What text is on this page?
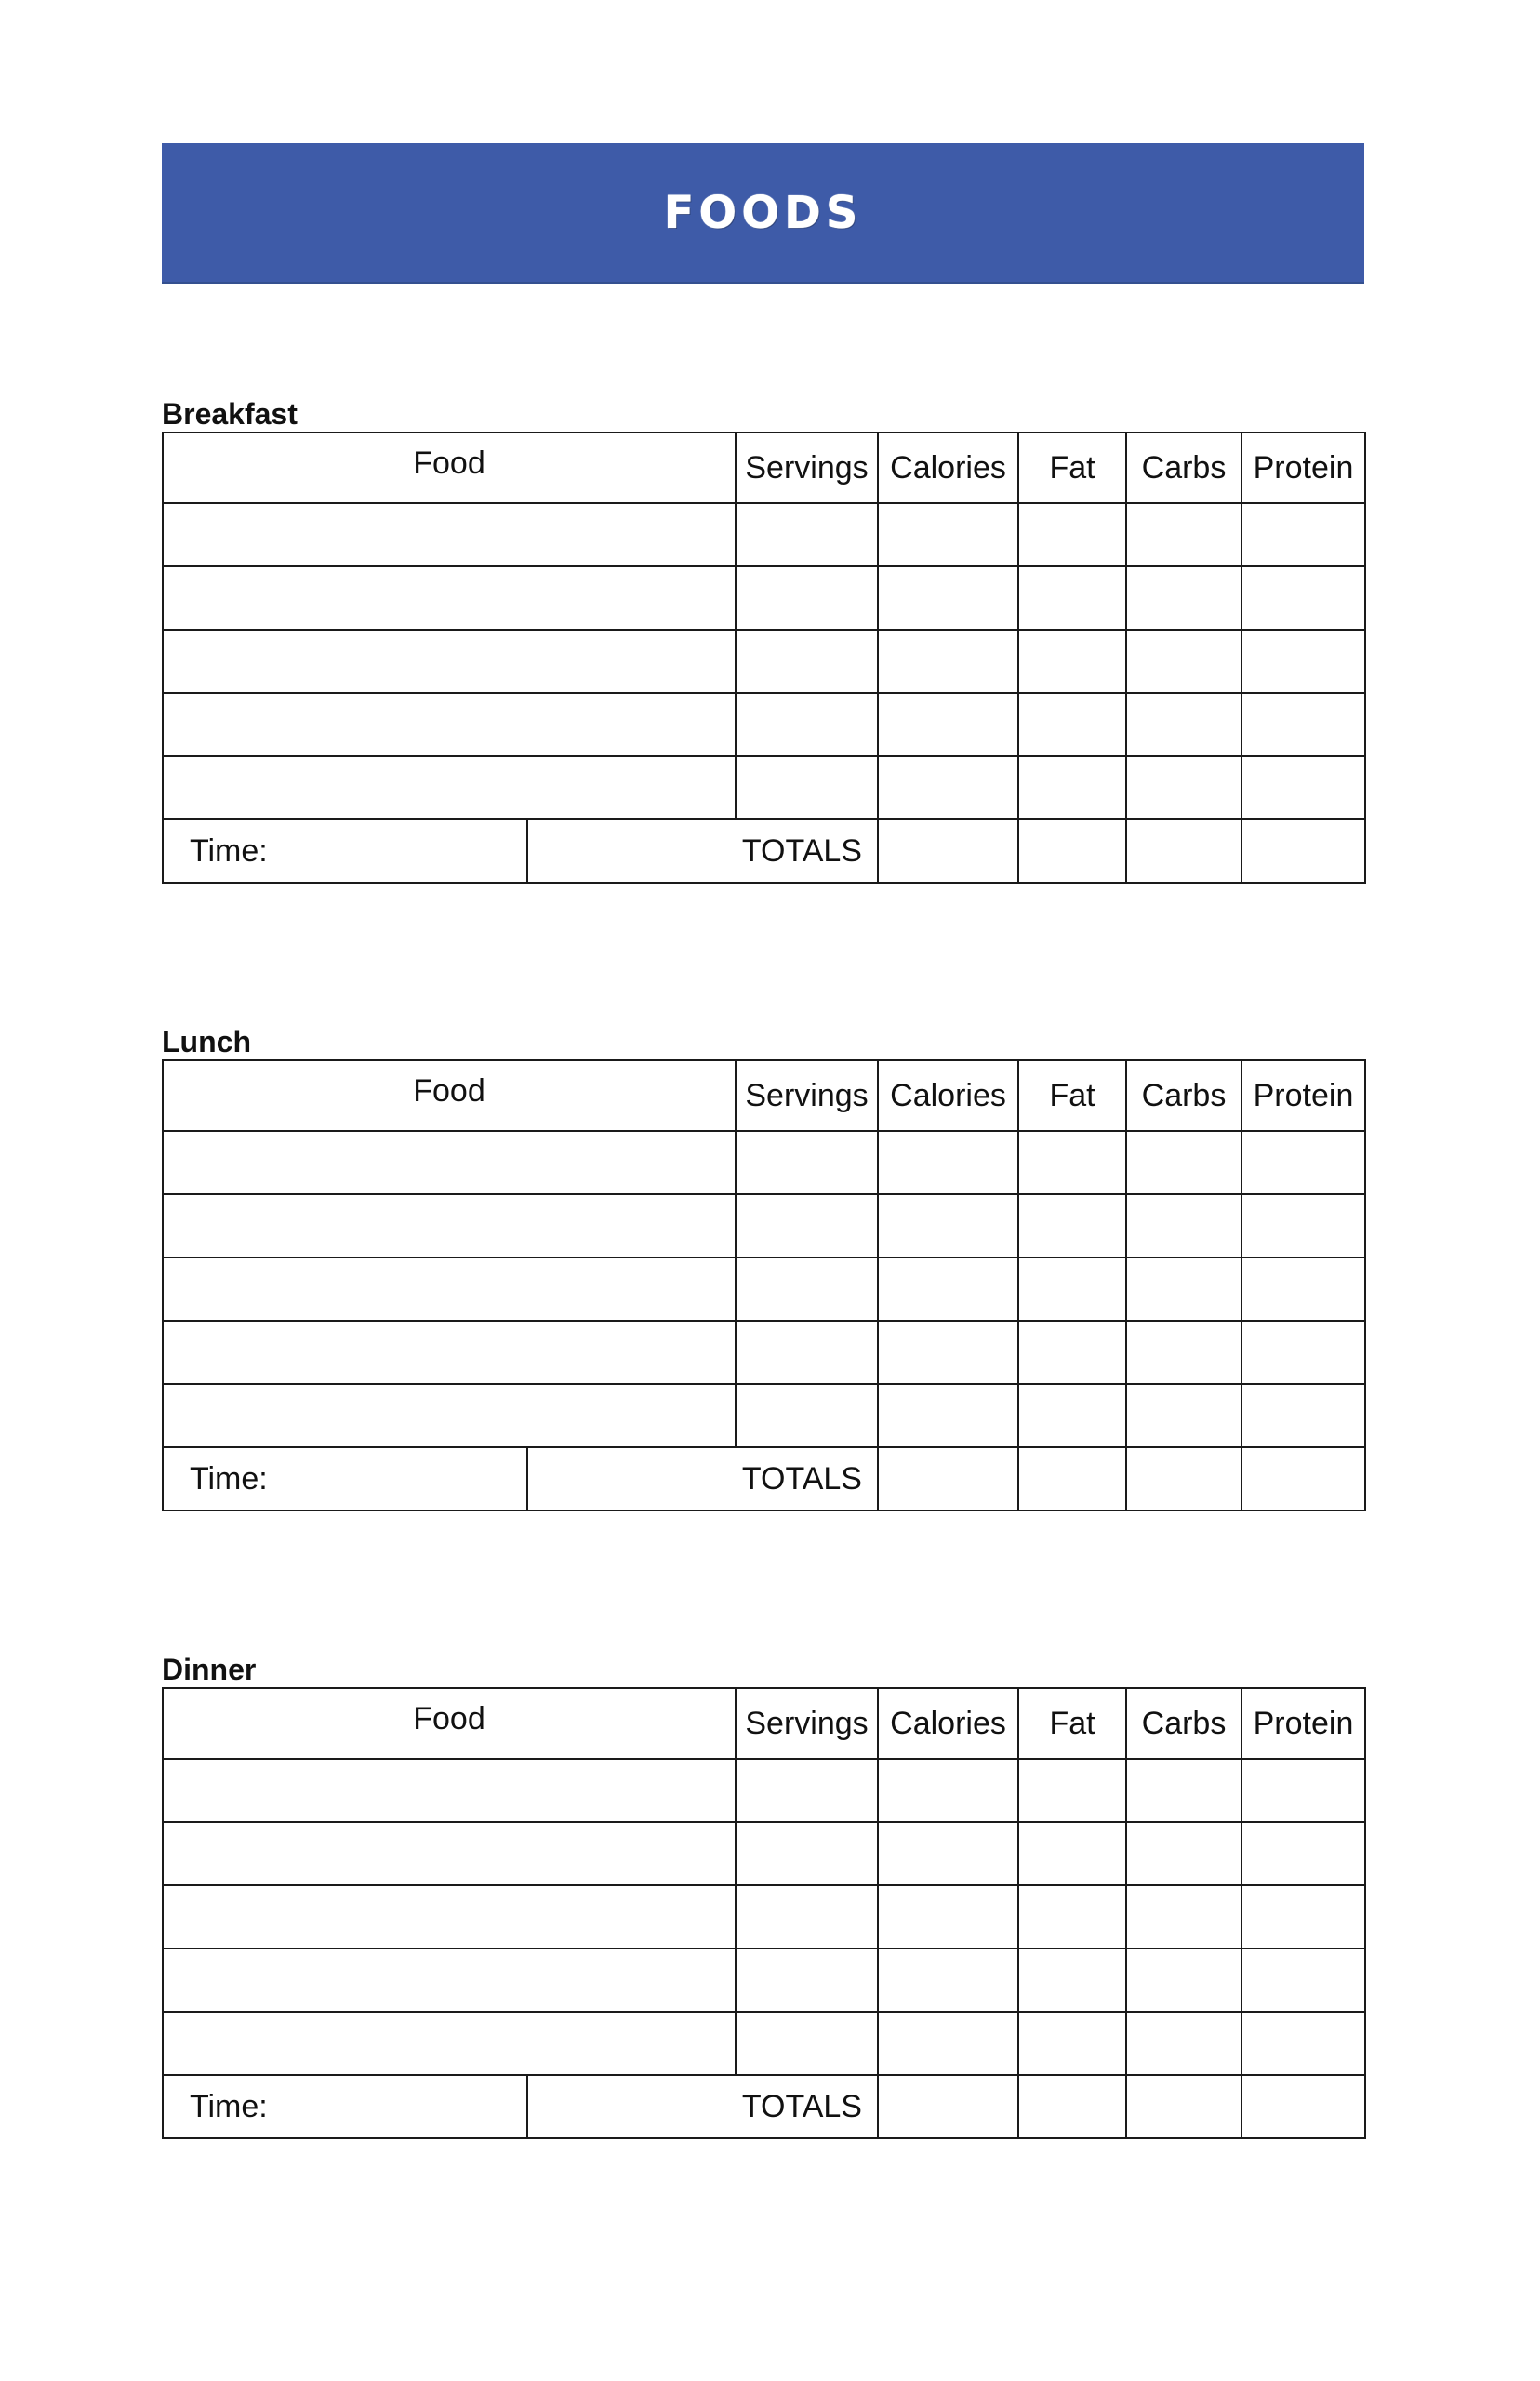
FOODS
Breakfast
Food		Servings	Calories	Fat	Carbs	Protein

Time:	TOTALS					
Lunch
Food		Servings	Calories	Fat	Carbs	Protein

Time:	TOTALS					
Dinner
Food		Servings	Calories	Fat	Carbs	Protein

Time:	TOTALS					
